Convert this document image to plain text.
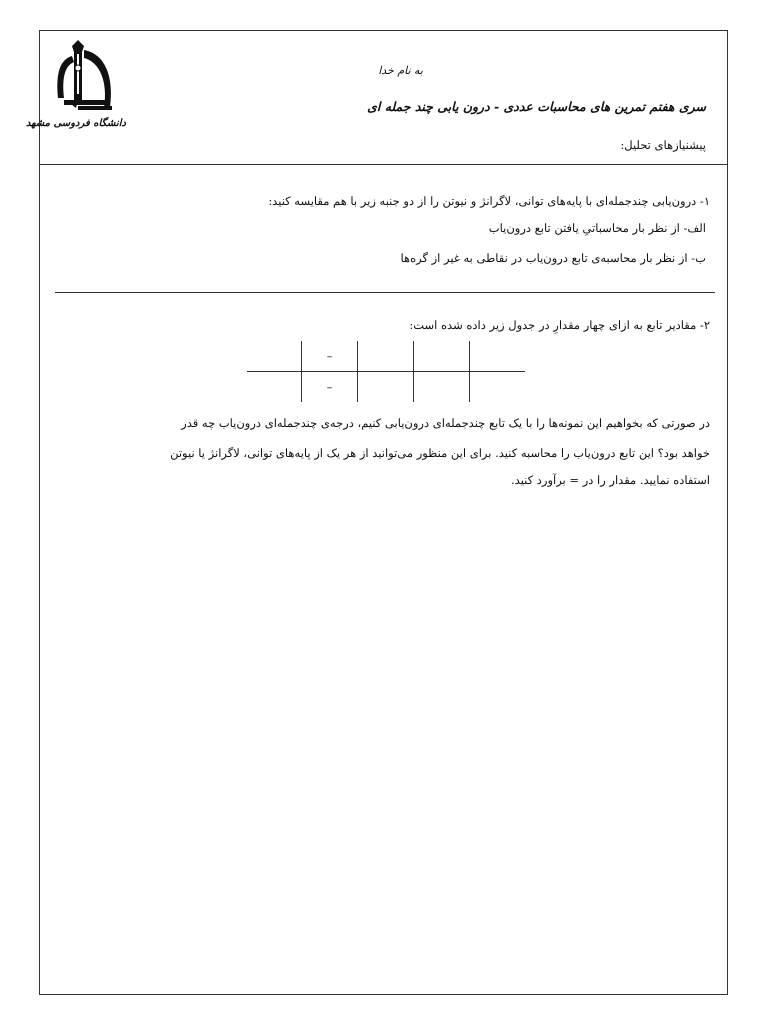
دانشگاه فردوسی مشهد
به نام خدا
سری هفتم تمرین های محاسبات عددی - درون یابی چند جمله ای
پیشنیازهای تحلیل:
۱- درون‌یابی چندجمله‌ای با پایه‌های توانی، لاگرانژ و نیوتن را از دو جنبه زیر با هم مقایسه کنید:
الف- از نظر بار محاسباتیِ یافتن تابع درون‌یاب
ب- از نظر بار محاسبه‌ی تابع درون‌یاب در نقاطی به غیر از گره‌ها
۲- مقادیر تابع به ازای چهار مقدارِ در جدول زیر داده شده است:
	–			
	–			
در صورتی که بخواهیم این نمونه‌ها را با یک تابع چندجمله‌ای درون‌یابی کنیم، درجه‌ی چندجمله‌ای درون‌یاب چه قدر
خواهد بود؟ این تابع درون‌یاب را محاسبه کنید. برای این منظور می‌توانید از هر یک از پایه‌های توانی، لاگرانژ یا نیوتن
استفاده نمایید. مقدار را در = برآورد کنید.
